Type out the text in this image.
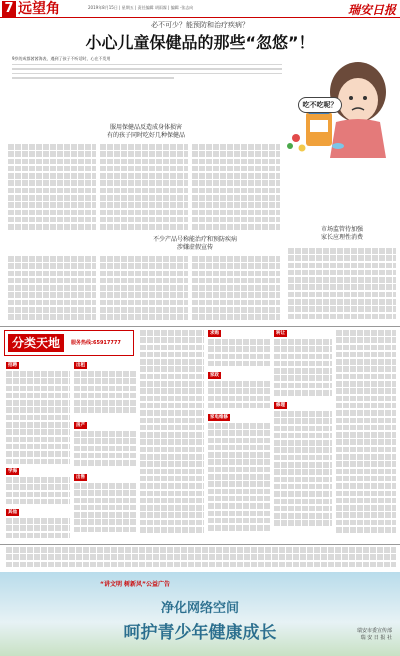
7 远望角	2019年8月15日 | 星期五 | 责任编辑 胡雨霖 | 编辑 ·张志向	瑞安日报
必不可少？能预防和治疗疾病？
小心儿童保健品的那些“忽悠”！
9岁的成都茜茜海表，遇到了孩子不听话时，心在不发用
吃不吃呢？
服用保健品反造成身体损害
有的孩子同时吃好几种保健品
不少产品号称能治疗和预防疾病
涉嫌虚假宣传
市场监管待加强
家长应理性消费
分类天地	服务热线:65917777
招聘
学海
其他
出租
房产
出售
求购
家政
家电维修
转让
修理
“讲文明 树新风”公益广告
净化网络空间
呵护青少年健康成长	瑞安市委宣传部
瑞 安 日 报 社
